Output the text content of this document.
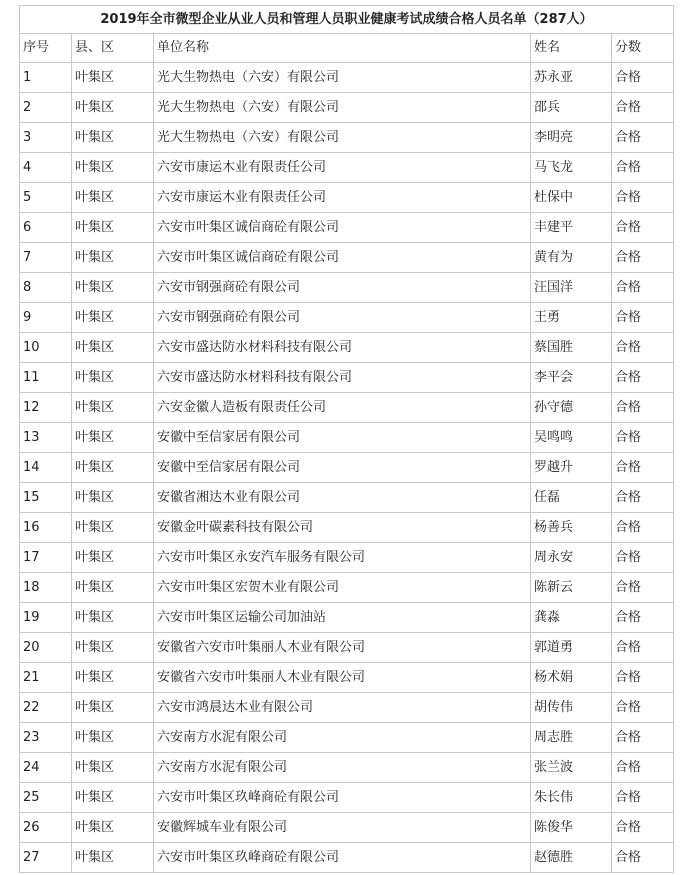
2019年全市微型企业从业人员和管理人员职业健康考试成绩合格人员名单（287人）				
序号	县、区	单位名称	姓名	分数
1	叶集区	光大生物热电（六安）有限公司	苏永亚	合格
2	叶集区	光大生物热电（六安）有限公司	邵兵	合格
3	叶集区	光大生物热电（六安）有限公司	李明亮	合格
4	叶集区	六安市康运木业有限责任公司	马飞龙	合格
5	叶集区	六安市康运木业有限责任公司	杜保中	合格
6	叶集区	六安市叶集区诚信商砼有限公司	丰建平	合格
7	叶集区	六安市叶集区诚信商砼有限公司	黄有为	合格
8	叶集区	六安市钢强商砼有限公司	汪国洋	合格
9	叶集区	六安市钢强商砼有限公司	王勇	合格
10	叶集区	六安市盛达防水材料科技有限公司	蔡国胜	合格
11	叶集区	六安市盛达防水材料科技有限公司	李平会	合格
12	叶集区	六安金徽人造板有限责任公司	孙守德	合格
13	叶集区	安徽中至信家居有限公司	吴鸣鸣	合格
14	叶集区	安徽中至信家居有限公司	罗越升	合格
15	叶集区	安徽省湘达木业有限公司	任磊	合格
16	叶集区	安徽金叶碳素科技有限公司	杨善兵	合格
17	叶集区	六安市叶集区永安汽车服务有限公司	周永安	合格
18	叶集区	六安市叶集区宏贺木业有限公司	陈新云	合格
19	叶集区	六安市叶集区运输公司加油站	龚淼	合格
20	叶集区	安徽省六安市叶集丽人木业有限公司	郭道勇	合格
21	叶集区	安徽省六安市叶集丽人木业有限公司	杨术娟	合格
22	叶集区	六安市鸿晨达木业有限公司	胡传伟	合格
23	叶集区	六安南方水泥有限公司	周志胜	合格
24	叶集区	六安南方水泥有限公司	张兰波	合格
25	叶集区	六安市叶集区玖峰商砼有限公司	朱长伟	合格
26	叶集区	安徽辉城车业有限公司	陈俊华	合格
27	叶集区	六安市叶集区玖峰商砼有限公司	赵德胜	合格
